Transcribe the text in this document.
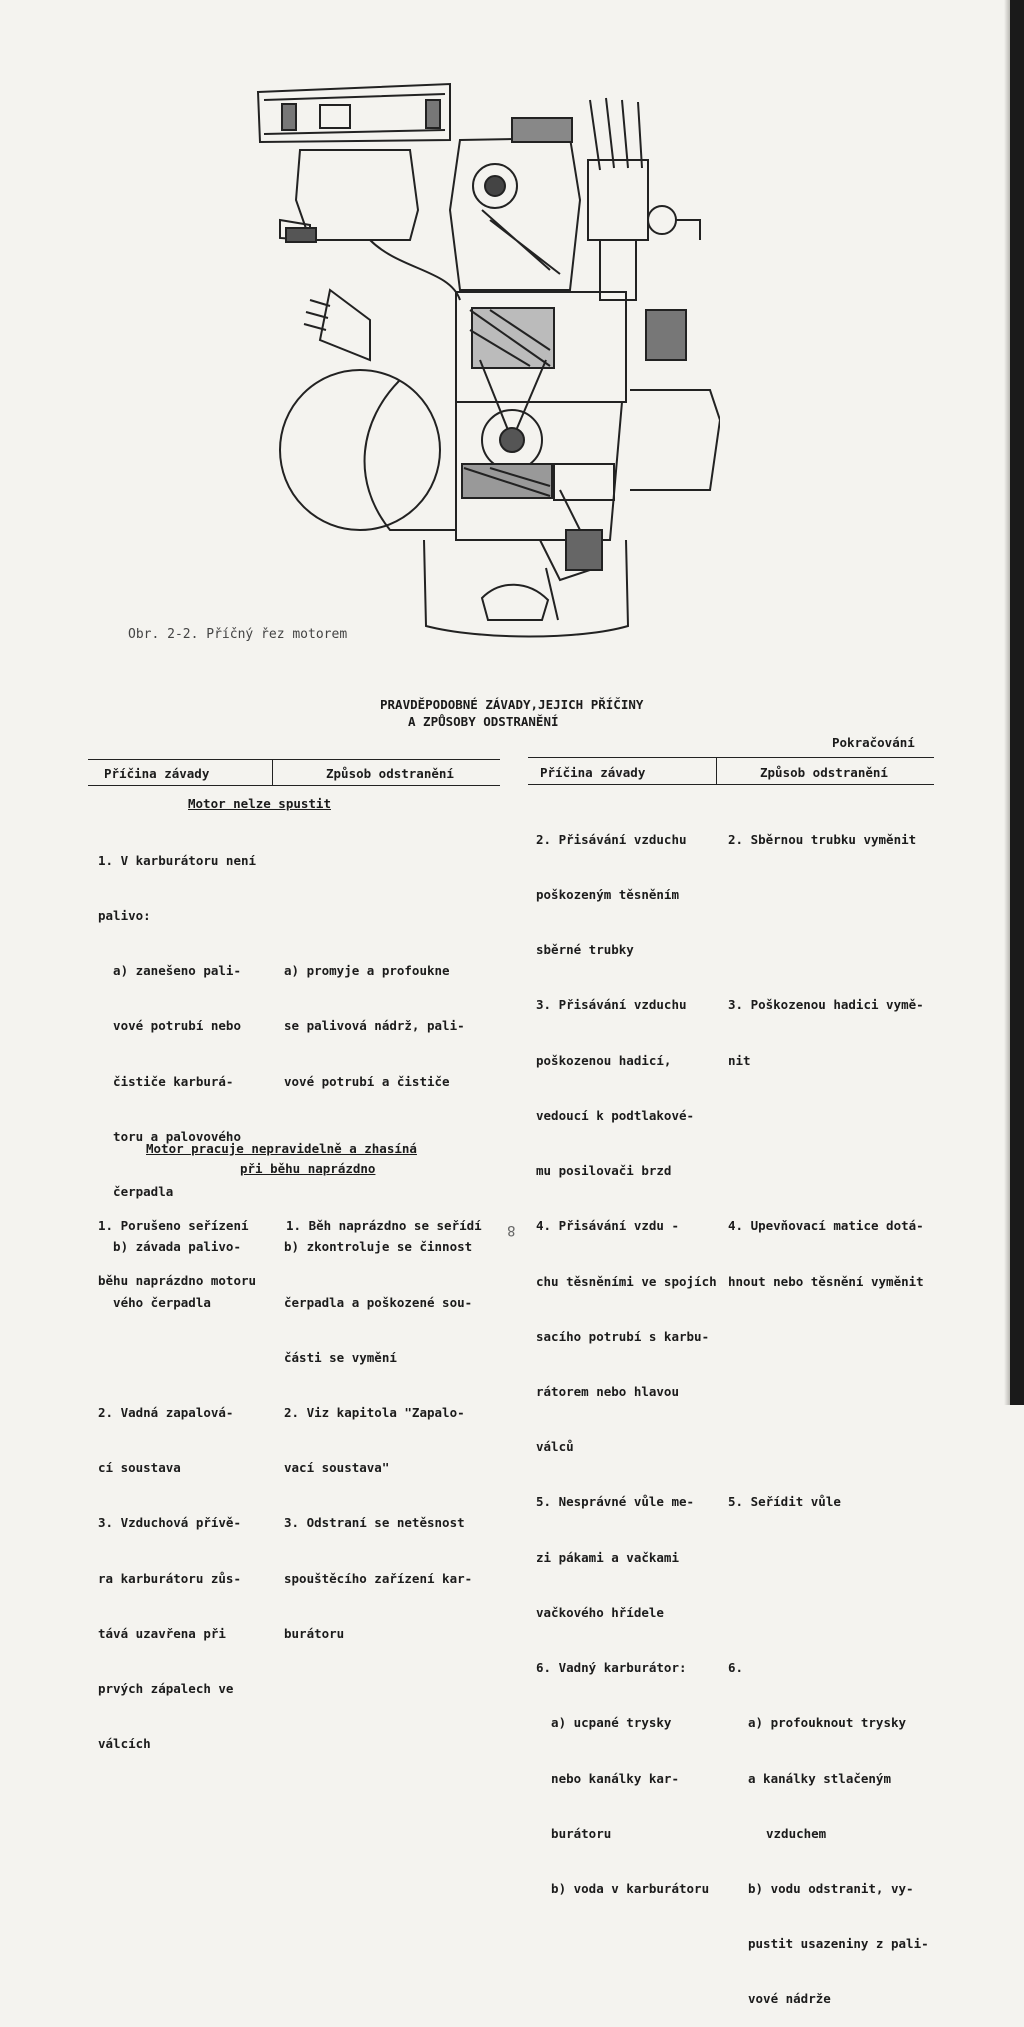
Obr. 2-2. Příčný řez motorem
PRAVDĚPODOBNÉ ZÁVADY,JEJICH PŘÍČINY
A ZPŮSOBY ODSTRANĚNÍ
Pokračování
Příčina závady	Způsob odstranění
Motor nelze spustit

1. V karburátoru není

palivo:

a) zanešeno pali-

vové potrubí nebo

čističe karburá-

toru a palovového

čerpadla

b) závada palivo-

vého čerpadla

2. Vadná zapalová-

cí soustava

3. Vzduchová přívě-

ra karburátoru zůs-

tává uzavřena při

prvých zápalech ve

válcích

a) promyje a profoukne

se palivová nádrž, pali-

vové potrubí a čističe

b) zkontroluje se činnost

čerpadla a poškozené sou-

části se vymění

2. Viz kapitola "Zapalo-

vací soustava"

3. Odstraní se netěsnost

spouštěcího zařízení kar-

burátoru

Motor pracuje nepravidelně a zhasíná
při běhu naprázdno

1. Porušeno seřízení

běhu naprázdno motoru

1. Běh naprázdno se seřídí

Příčina závady	Způsob odstranění

2. Přisávání vzduchu

poškozeným těsněním

sběrné trubky

3. Přisávání vzduchu

poškozenou hadicí,

vedoucí k podtlakové-

mu posilovači brzd

4. Přisávání vzdu -

chu těsněními ve spojích

sacího potrubí s karbu-

rátorem nebo hlavou

válců

5. Nesprávné vůle me-

zi pákami a vačkami

vačkového hřídele

6. Vadný karburátor:

a) ucpané trysky

nebo kanálky kar-

burátoru

b) voda v karburátoru

2. Sběrnou trubku vyměnit

3. Poškozenou hadici vymě-

nit

4. Upevňovací matice dotá-

hnout nebo těsnění vyměnit

5. Seřídit vůle

6.

a) profouknout trysky

a kanálky stlačeným

vzduchem

b) vodu odstranit, vy-

pustit usazeniny z pali-

vové nádrže

8
